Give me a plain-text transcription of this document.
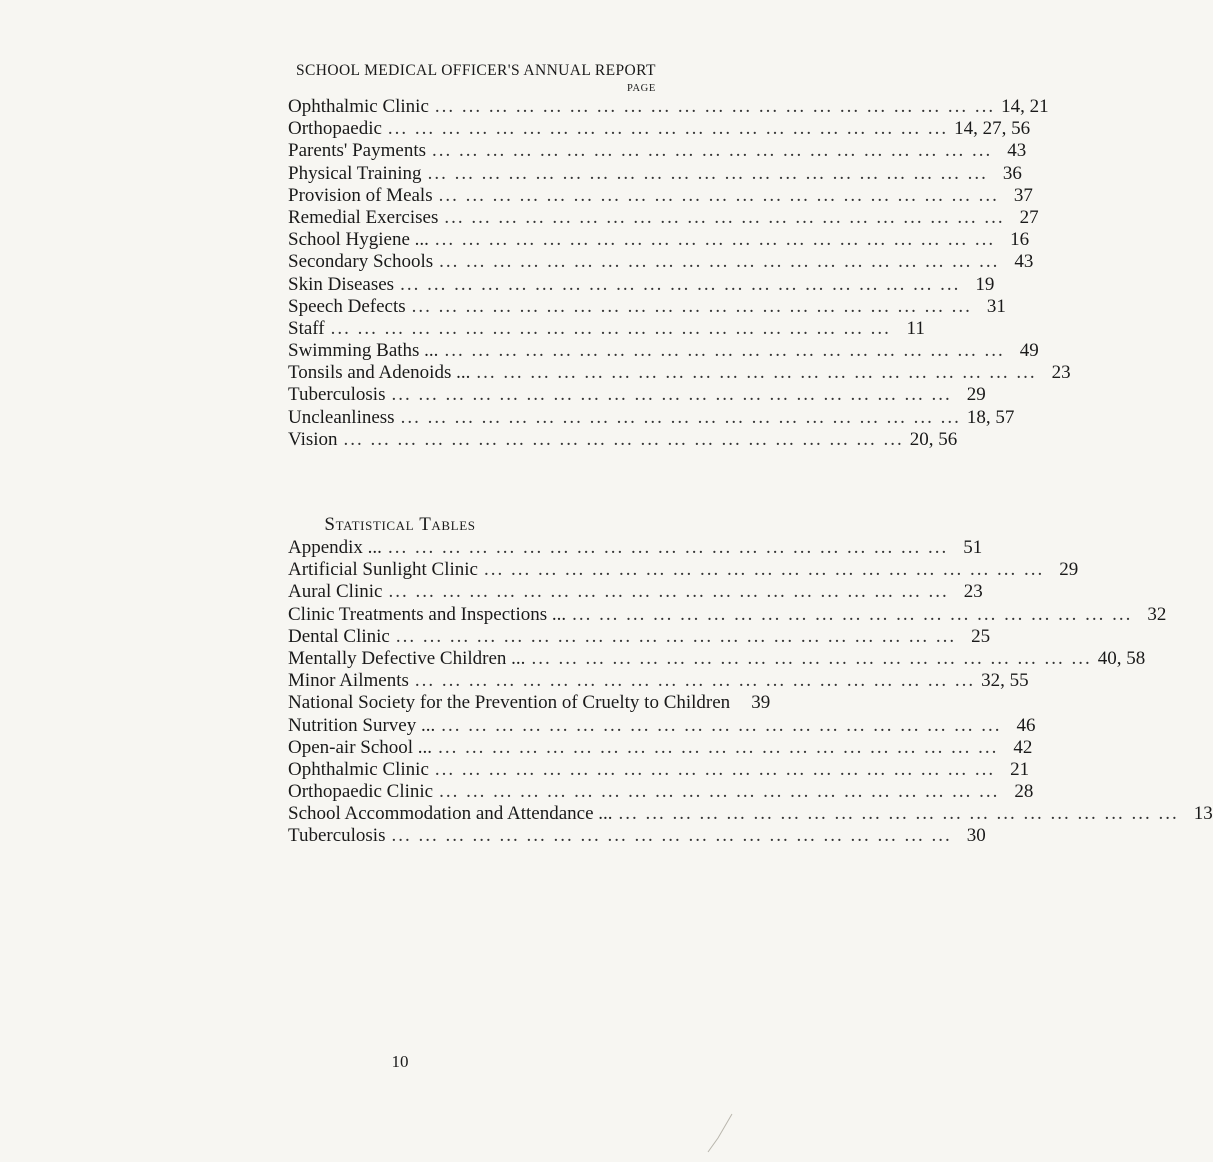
SCHOOL MEDICAL OFFICER'S ANNUAL REPORT
PAGE
Ophthalmic Clinic ... .	14, 21
Orthopaedic ... .	14, 27, 56
Parents' Payments ... .	43
Physical Training ... .	36
Provision of Meals ... .	37
Remedial Exercises ... .	27
School Hygiene ... ... .	16
Secondary Schools ... .	43
Skin Diseases ... .	19
Speech Defects ... .	31
Staff ... .	11
Swimming Baths ... ... .	49
Tonsils and Adenoids ... ... .	23
Tuberculosis ... .	29
Uncleanliness ... .	18, 57
Vision ... .	20, 56
Statistical Tables
Appendix ... ... .	51
Artificial Sunlight Clinic ... .	29
Aural Clinic ... .	23
Clinic Treatments and Inspections ... ... .	32
Dental Clinic ... .	25
Mentally Defective Children ... ... .	40, 58
Minor Ailments ... .	32, 55
National Society for the Prevention of Cruelty to Children	39
Nutrition Survey ... ... .	46
Open-air School ... ... .	42
Ophthalmic Clinic ... .	21
Orthopaedic Clinic ... .	28
School Accommodation and Attendance ... ... .	13
Tuberculosis ... .	30
10
